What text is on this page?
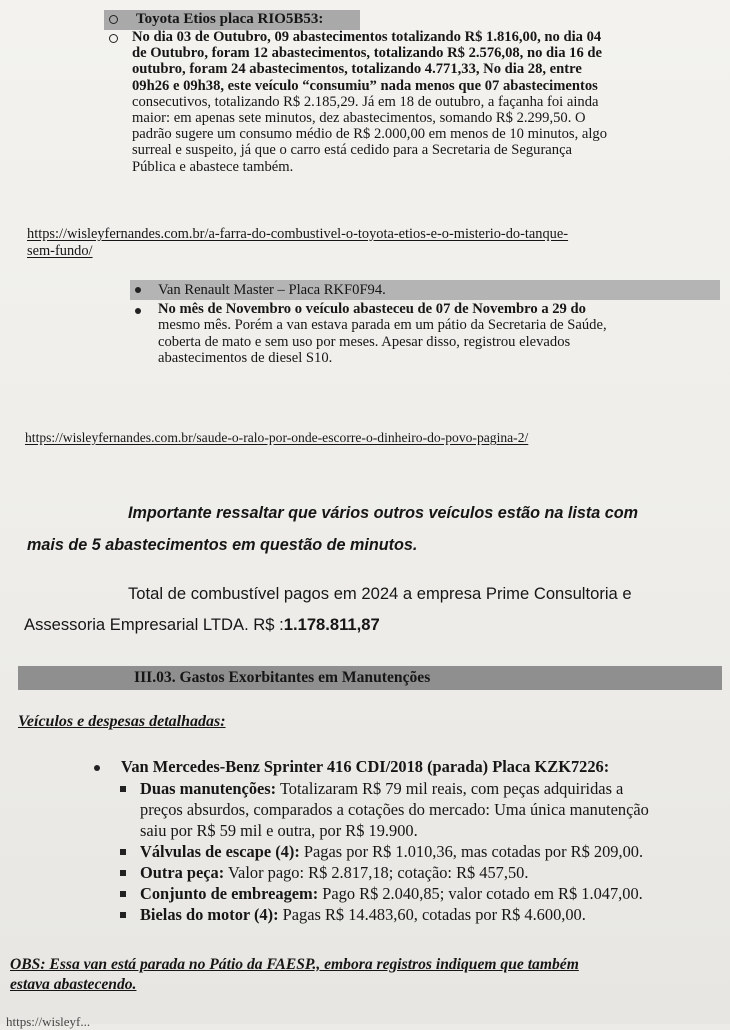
Toyota Etios placa RIO5B53:
No dia 03 de Outubro, 09 abastecimentos totalizando R$ 1.816,00, no dia 04
de Outubro, foram 12 abastecimentos, totalizando R$ 2.576,08, no dia 16 de
outubro, foram 24 abastecimentos, totalizando 4.771,33, No dia 28, entre
09h26 e 09h38, este veículo “consumiu” nada menos que 07 abastecimentos
consecutivos, totalizando R$ 2.185,29. Já em 18 de outubro, a façanha foi ainda
maior: em apenas sete minutos, dez abastecimentos, somando R$ 2.299,50. O
padrão sugere um consumo médio de R$ 2.000,00 em menos de 10 minutos, algo
surreal e suspeito, já que o carro está cedido para a Secretaria de Segurança
Pública e abastece também.
https://wisleyfernandes.com.br/a-farra-do-combustivel-o-toyota-etios-e-o-misterio-do-tanque-
sem-fundo/
Van Renault Master – Placa RKF0F94.
No mês de Novembro o veículo abasteceu de 07 de Novembro a 29 do
mesmo mês. Porém a van estava parada em um pátio da Secretaria de Saúde,
coberta de mato e sem uso por meses. Apesar disso, registrou elevados
abastecimentos de diesel S10.
https://wisleyfernandes.com.br/saude-o-ralo-por-onde-escorre-o-dinheiro-do-povo-pagina-2/
Importante ressaltar que vários outros veículos estão na lista com
mais de 5 abastecimentos em questão de minutos.
Total de combustível pagos em 2024 a empresa Prime Consultoria e
Assessoria Empresarial LTDA. R$ :1.178.811,87
III.03. Gastos Exorbitantes em Manutenções
Veículos e despesas detalhadas:
Van Mercedes-Benz Sprinter 416 CDI/2018 (parada) Placa KZK7226:
Duas manutenções: Totalizaram R$ 79 mil reais, com peças adquiridas a
preços absurdos, comparados a cotações do mercado: Uma única manutenção
saiu por R$ 59 mil e outra, por R$ 19.900.
Válvulas de escape (4): Pagas por R$ 1.010,36, mas cotadas por R$ 209,00.
Outra peça: Valor pago: R$ 2.817,18; cotação: R$ 457,50.
Conjunto de embreagem: Pago R$ 2.040,85; valor cotado em R$ 1.047,00.
Bielas do motor (4): Pagas R$ 14.483,60, cotadas por R$ 4.600,00.
OBS: Essa van está parada no Pátio da FAESP., embora registros indiquem que também
estava abastecendo.
https://wisleyf...
